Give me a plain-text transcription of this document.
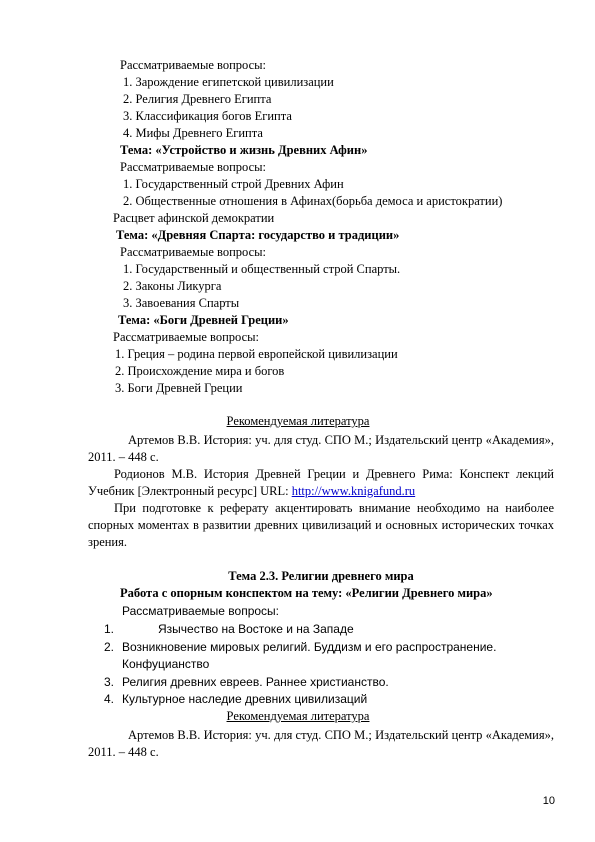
Рассматриваемые вопросы:
1. Зарождение египетской цивилизации
2. Религия Древнего Египта
3. Классификация богов Египта
4. Мифы Древнего Египта
Тема: «Устройство и жизнь Древних Афин»
Рассматриваемые вопросы:
1. Государственный строй Древних Афин
2. Общественные отношения в Афинах(борьба демоса и аристократии)
Расцвет афинской демократии
Тема: «Древняя Спарта: государство и традиции»
Рассматриваемые вопросы:
1. Государственный и общественный строй Спарты.
2. Законы Ликурга
3. Завоевания Спарты
Тема: «Боги Древней Греции»
Рассматриваемые вопросы:
1. Греция – родина первой европейской цивилизации
2. Происхождение мира и богов
3. Боги Древней Греции
Рекомендуемая литература
Артемов В.В. История: уч. для студ. СПО М.; Издательский центр «Академия», 2011. – 448 с.
Родионов М.В. История Древней Греции и Древнего Рима: Конспект лекций Учебник [Электронный ресурс] URL: http://www.knigafund.ru
При подготовке к реферату акцентировать внимание необходимо на наиболее спорных моментах в развитии древних цивилизаций и основных исторических точках зрения.
Тема 2.3. Религии древнего мира
Работа с опорным конспектом на тему: «Религии Древнего мира»
Рассматриваемые вопросы:
1.	Язычество на Востоке и на Западе
2. Возникновение мировых религий. Буддизм и его распространение.
Конфуцианство
3. Религия древних евреев. Раннее христианство.
4. Культурное наследие древних цивилизаций
Рекомендуемая литература
Артемов В.В. История: уч. для студ. СПО М.; Издательский центр «Академия», 2011. – 448 с.
10
